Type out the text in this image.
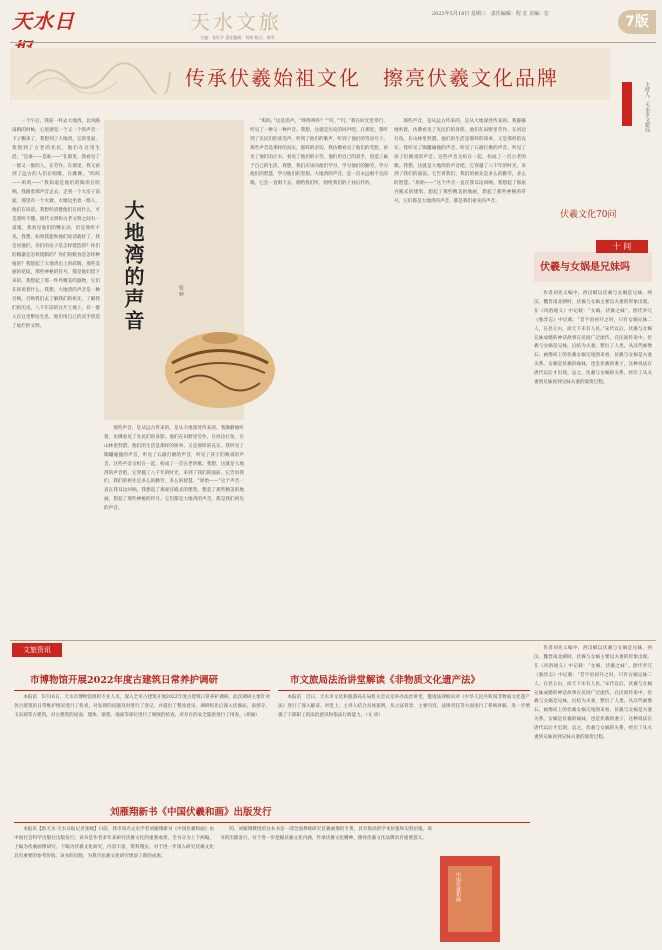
天水日	天水文旅
主编：张红平 责任编辑：刘伟 版式：周雪
2022年5月18日 星期三　 责任编辑：程 宏 美编：宏	7版
传承伏羲始祖文化　擦亮伏羲文化品牌
主持人：天水市文旅局

一个午后，我前一样去大地湾。北风路南路的时候，心里感觉一个又一个的声音一下子飘来了，我想到了大地湾，它的里面，我想到了古老的先民，他们在这里生活。“是谁——是谁——”在那里，我看见了一群又一群的人，在劳作。在那里，我又看到了远古的人们在唱歌，在跳舞。“呜呜——呜呜——”我知道是他们的陶埙在吹响。我跟着那声音走去，走到一个大房子前面，那里有一个火塘，火塘边坐着一群人，他们在说话。我想听清楚他们在说什么，可是我听不懂。现代文明和古老文明之间有一道墙，我看见他们的嘴在动，但是我听不见。我想，如果我能和他们说话就好了。我会问他们，你们的房子是怎样建造的？你们的陶器是怎样烧制的？你们的粮食是怎样种植的？我想起了大地湾出土的彩陶，那些美丽的花纹，那些神秘的符号，都是他们留下来的。我想起了那一件件精美的器物，它们在诉说着什么。我想，大地湾的声音是一种召唤，召唤我们去了解我们的祖先，了解我们的历史。八千年前的这片土地上，有一群人在这里繁衍生息，他们用自己的双手创造了灿烂的文明。	大地湾的声音	张 岭

那些声音，是从远古传来的，是从大地深处传来的。我静静地听着，仿佛看见了先民们的身影。他们在田野里劳作，在河边打鱼，在山林里狩猎。他们的生活是那样的简单，又是那样的充实。我听见了陶罐碰撞的声音，听见了石器打磨的声音，听见了孩子们嬉戏的声音。这些声音交织在一起，构成了一首古老的歌。我想，这就是大地湾的声音吧。它穿越了八千年的时光，来到了我们的面前。它告诉我们，我们的祖先是多么的勤劳，多么的智慧。“原始——”这个声音一直在我耳边回响。我想起了那座宫殿式的建筑，想起了那些精美的地画，想起了那些神秘的符号。它们都是大地湾的声音，都是我们祖先的声音。

“呜呜，”这是埙声。“咚咚咚咚？”“叮，”“叮，”我在时光里穿行，听见了一种又一种声音。我想，这就是历史的回声吧。在那里，我听到了先民们的欢笑声，听到了他们的歌声，听到了他们的劳动号子。那些声音是那样的真实，那样的亲切。我仿佛看见了他们的笑脸，看见了他们的汗水，看见了他们的辛劳。他们用自己的双手，创造了属于自己的生活。我想，我们应该向他们学习，学习他们的勤劳，学习他们的智慧，学习他们的坚韧。大地湾的声音，是一首永远唱不完的歌。它会一直唱下去，唱给我们听，唱给我们的子孙后代听。

那些声音，是从远古传来的，是从大地深处传来的。我静静地听着，仿佛看见了先民们的身影。他们在田野里劳作，在河边打鱼，在山林里狩猎。他们的生活是那样的简单，又是那样的充实。我听见了陶罐碰撞的声音，听见了石器打磨的声音，听见了孩子们嬉戏的声音。这些声音交织在一起，构成了一首古老的歌。我想，这就是大地湾的声音吧。它穿越了八千年的时光，来到了我们的面前。它告诉我们，我们的祖先是多么的勤劳，多么的智慧。“原始——”这个声音一直在我耳边回响。我想起了那座宫殿式的建筑，想起了那些精美的地画，想起了那些神秘的符号。它们都是大地湾的声音，都是我们祖先的声音。

伏羲文化70问
十 问
伏羲与女娲是兄妹吗

作者刘先义编中，西汉赋以伏羲与女娲是兄妹，两汉、魏晋南北朝时，伏羲与女娲主要以夫妻的形象出现。在《风俗通义》中记载：“女娲，伏羲之妹”。唐代李冗《独异志》中记载：“昔宇宙初开之时，只有女娲兄妹二人，在昆仑山，而天下未有人民。”宋代以后，伏羲与女娲兄妹成婚的神话故事在民间广泛流传。在民间传说中，伏羲与女娲是兄妹，后结为夫妻，繁衍了人类。从汉代画像石、画像砖上的伏羲女娲交尾图来看，伏羲与女娲是夫妻关系。女娲是伏羲的妹妹，也是伏羲的妻子，这种说法在唐代以后才出现。总之，伏羲与女娲的关系，经历了从夫妻到兄妹再到兄妹夫妻的演变过程。

文旅资讯
市博物馆开展2022年度古建筑日常养护调研

本报讯　5月16日，天水市博物馆组织专业人员，深入全市古建筑开展2022年度古建筑日常养护调研。此次调研主要针对各古建筑的日常维护情况进行了检查，对发现的问题及时进行了登记，并提出了整改意见。调研组先后深入伏羲庙、南郭寺、玉泉观等古建筑，对古建筑的屋面、墙体、梁架、地面等部位进行了细致的检查，对存在的安全隐患进行了排查。（胡丽）

市文旅局法治讲堂解读《非物质文化遗产法》

本报讯　近日，天水市文化和旅游局在局机关会议室举办法治讲堂，邀请法律顾问对《中华人民共和国非物质文化遗产法》进行了深入解读。讲堂上，主讲人结合具体案例，从立法背景、主要内容、法律责任等方面进行了系统讲解，进一步增强了干部职工的法治意识和依法行政能力。（文 涛）

刘雁翔新书《中国伏羲和画》出版发行

本报讯【新天水·天水日报记者张峻】日前，我市知名文史学者刘雁翔新书《中国伏羲和画》由中国社会科学出版社出版发行。该书是作者多年来研究伏羲文化的重要成果，全书分为上下两编，上编为伏羲画像研究，下编为伏羲文化研究，内容丰富，资料翔实，对于进一步深入研究伏羲文化具有重要的参考价值。该书的出版，为我市伏羲文化研究增添了新的成果。

的，刘雁翔教授的这本书是一部全面系统研究伏羲画像的专著，具有很高的学术价值和史料价值。该书的出版发行，对于进一步挖掘伏羲文化内涵，传承伏羲文化精神，擦亮伏羲文化品牌具有重要意义。

中国伏羲和画

作者刘先义编中，西汉赋以伏羲与女娲是兄妹，两汉、魏晋南北朝时，伏羲与女娲主要以夫妻的形象出现。在《风俗通义》中记载：“女娲，伏羲之妹”。唐代李冗《独异志》中记载：“昔宇宙初开之时，只有女娲兄妹二人，在昆仑山，而天下未有人民。”宋代以后，伏羲与女娲兄妹成婚的神话故事在民间广泛流传。在民间传说中，伏羲与女娲是兄妹，后结为夫妻，繁衍了人类。从汉代画像石、画像砖上的伏羲女娲交尾图来看，伏羲与女娲是夫妻关系。女娲是伏羲的妹妹，也是伏羲的妻子，这种说法在唐代以后才出现。总之，伏羲与女娲的关系，经历了从夫妻到兄妹再到兄妹夫妻的演变过程。
